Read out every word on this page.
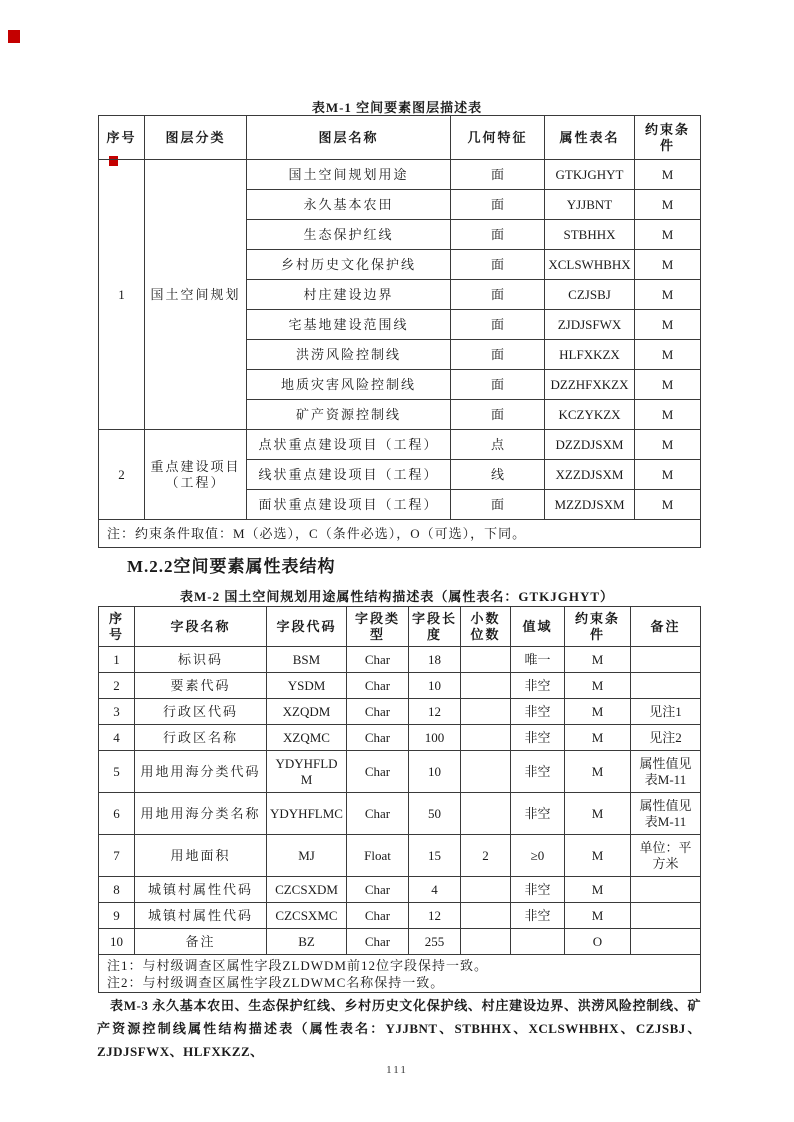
表M-1 空间要素图层描述表
序号	图层分类	图层名称	几何特征	属性表名	约束条件
1	国土空间规划	国土空间规划用途	面	GTKJGHYT	M
		永久基本农田	面	YJJBNT	M
		生态保护红线	面	STBHHX	M
		乡村历史文化保护线	面	XCLSWHBHX	M
		村庄建设边界	面	CZJSBJ	M
		宅基地建设范围线	面	ZJDJSFWX	M
		洪涝风险控制线	面	HLFXKZX	M
		地质灾害风险控制线	面	DZZHFXKZX	M
		矿产资源控制线	面	KCZYKZX	M
2	重点建设项目（工程）	点状重点建设项目（工程）	点	DZZDJSXM	M
		线状重点建设项目（工程）	线	XZZDJSXM	M
		面状重点建设项目（工程）	面	MZZDJSXM	M
注：约束条件取值：M（必选），C（条件必选），O（可选），下同。					
M.2.2空间要素属性表结构
表M-2 国土空间规划用途属性结构描述表（属性表名：GTKJGHYT）
序号	字段名称	字段代码	字段类型	字段长度	小数位数	值域	约束条件	备注
1	标识码	BSM	Char	18		唯一	M	
2	要素代码	YSDM	Char	10		非空	M	
3	行政区代码	XZQDM	Char	12		非空	M	见注1
4	行政区名称	XZQMC	Char	100		非空	M	见注2
5	用地用海分类代码	YDYHFLDM	Char	10		非空	M	属性值见表M-11
6	用地用海分类名称	YDYHFLMC	Char	50		非空	M	属性值见表M-11
7	用地面积	MJ	Float	15	2	≥0	M	单位：平方米
8	城镇村属性代码	CZCSXDM	Char	4		非空	M	
9	城镇村属性代码	CZCSXMC	Char	12		非空	M	
10	备注	BZ	Char	255			O	

注1：与村级调查区属性字段ZLDWDM前12位字段保持一致。
注2：与村级调查区属性字段ZLDWMC名称保持一致。								
表M-3 永久基本农田、生态保护红线、乡村历史文化保护线、村庄建设边界、洪涝风险控制线、矿产资源控制线属性结构描述表（属性表名：YJJBNT、STBHHX、XCLSWHBHX、CZJSBJ、ZJDJSFWX、HLFXKZZ、
111
